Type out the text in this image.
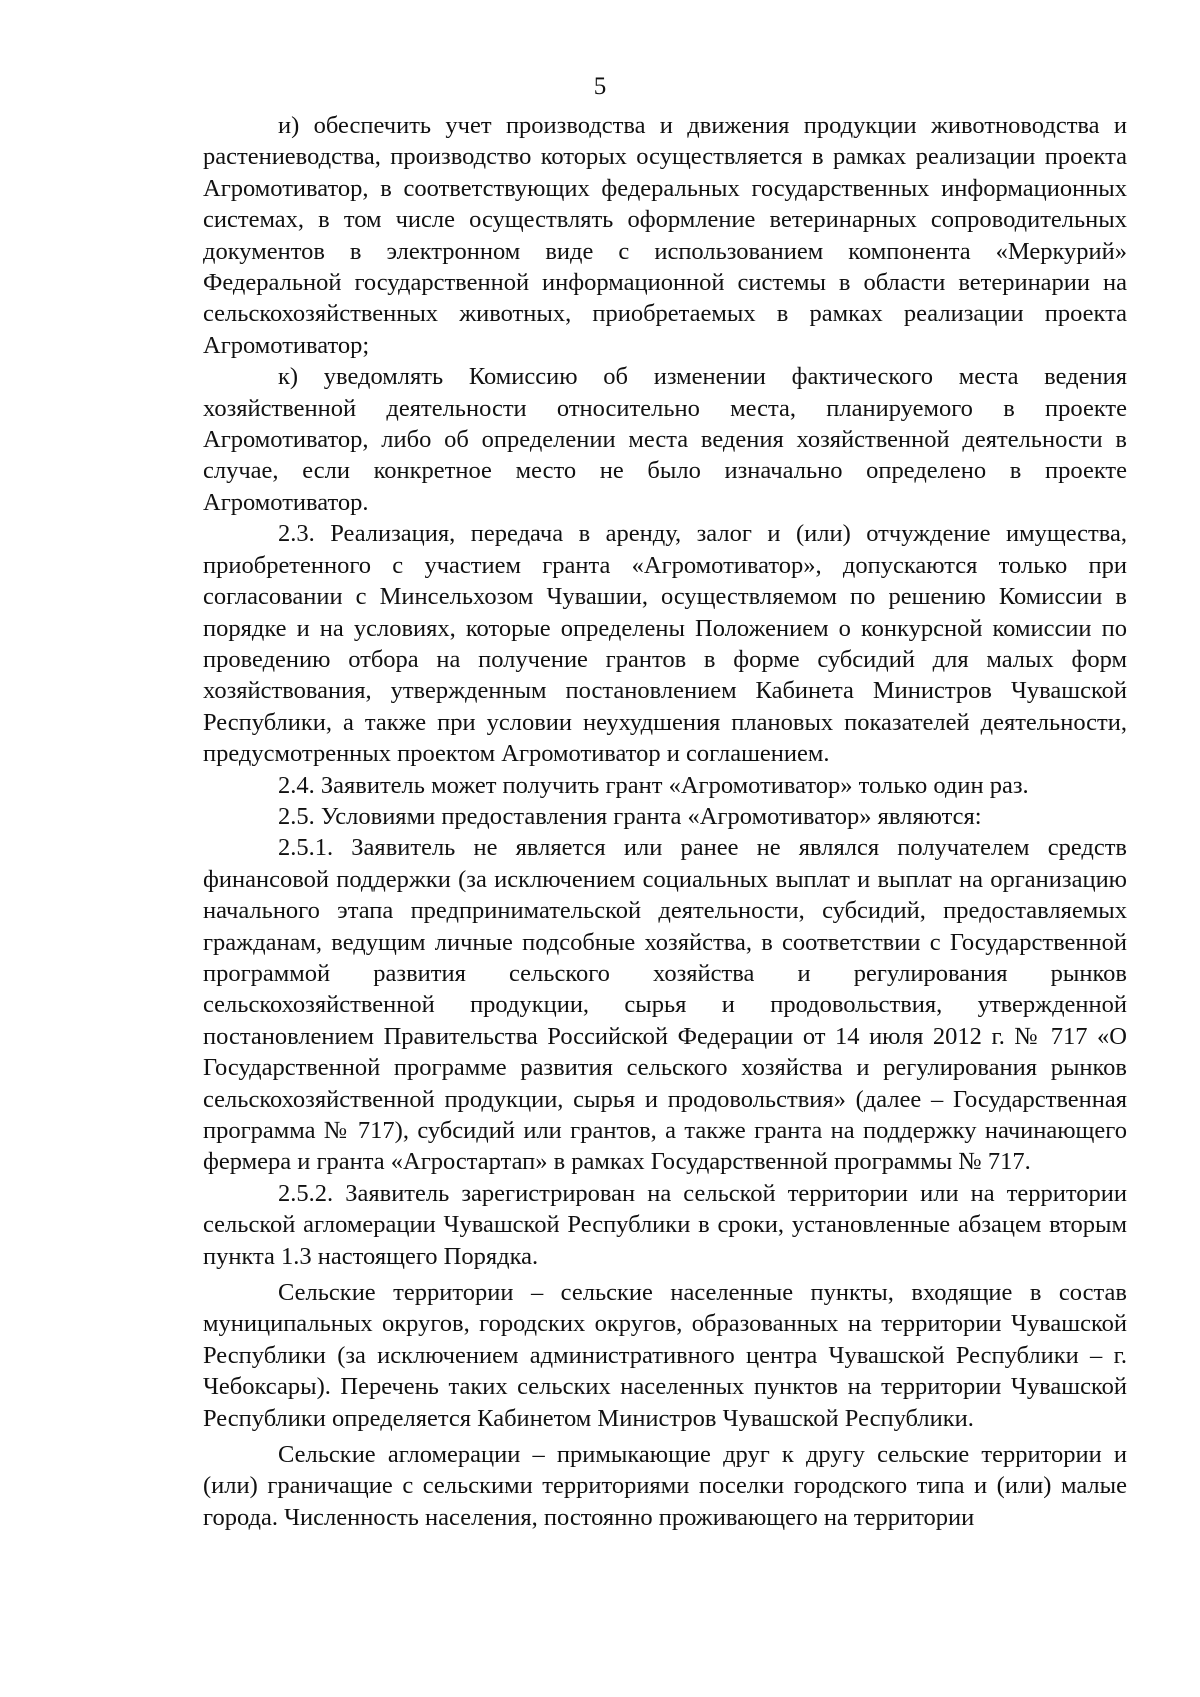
5

и) обеспечить учет производства и движения продукции животноводства и растениеводства, производство которых осуществляется в рамках реализации проекта Агромотиватор, в соответствующих федеральных государственных информационных системах, в том числе осуществлять оформление ветеринарных сопроводительных документов в электронном виде с использованием компонента «Меркурий» Федеральной государственной информационной системы в области ветеринарии на сельскохозяйственных животных, приобретаемых в рамках реализации проекта Агромотиватор;

к) уведомлять Комиссию об изменении фактического места ведения хозяйственной деятельности относительно места, планируемого в проекте Агромотиватор, либо об определении места ведения хозяйственной деятельности в случае, если конкретное место не было изначально определено в проекте Агромотиватор.

2.3. Реализация, передача в аренду, залог и (или) отчуждение имущества, приобретенного с участием гранта «Агромотиватор», допускаются только при согласовании с Минсельхозом Чувашии, осуществляемом по решению Комиссии в порядке и на условиях, которые определены Положением о конкурсной комиссии по проведению отбора на получение грантов в форме субсидий для малых форм хозяйствования, утвержденным постановлением Кабинета Министров Чувашской Республики, а также при условии неухудшения плановых показателей деятельности, предусмотренных проектом Агромотиватор и соглашением.

2.4. Заявитель может получить грант «Агромотиватор» только один раз.

2.5. Условиями предоставления гранта «Агромотиватор» являются:

2.5.1. Заявитель не является или ранее не являлся получателем средств финансовой поддержки (за исключением социальных выплат и выплат на организацию начального этапа предпринимательской деятельности, субсидий, предоставляемых гражданам, ведущим личные подсобные хозяйства, в соответствии с Государственной программой развития сельского хозяйства и регулирования рынков сельскохозяйственной продукции, сырья и продовольствия, утвержденной постановлением Правительства Российской Федерации от 14 июля 2012 г. № 717 «О Государственной программе развития сельского хозяйства и регулирования рынков сельскохозяйственной продукции, сырья и продовольствия» (далее – Государственная программа № 717), субсидий или грантов, а также гранта на поддержку начинающего фермера и гранта «Агростартап» в рамках Государственной программы № 717.

2.5.2. Заявитель зарегистрирован на сельской территории или на территории сельской агломерации Чувашской Республики в сроки, установленные абзацем вторым пункта 1.3 настоящего Порядка.

Сельские территории – сельские населенные пункты, входящие в состав муниципальных округов, городских округов, образованных на территории Чувашской Республики (за исключением административного центра Чувашской Республики – г. Чебоксары). Перечень таких сельских населенных пунктов на территории Чувашской Республики определяется Кабинетом Министров Чувашской Республики.

Сельские агломерации – примыкающие друг к другу сельские территории и (или) граничащие с сельскими территориями поселки городского типа и (или) малые города. Численность населения, постоянно проживающего на территории
